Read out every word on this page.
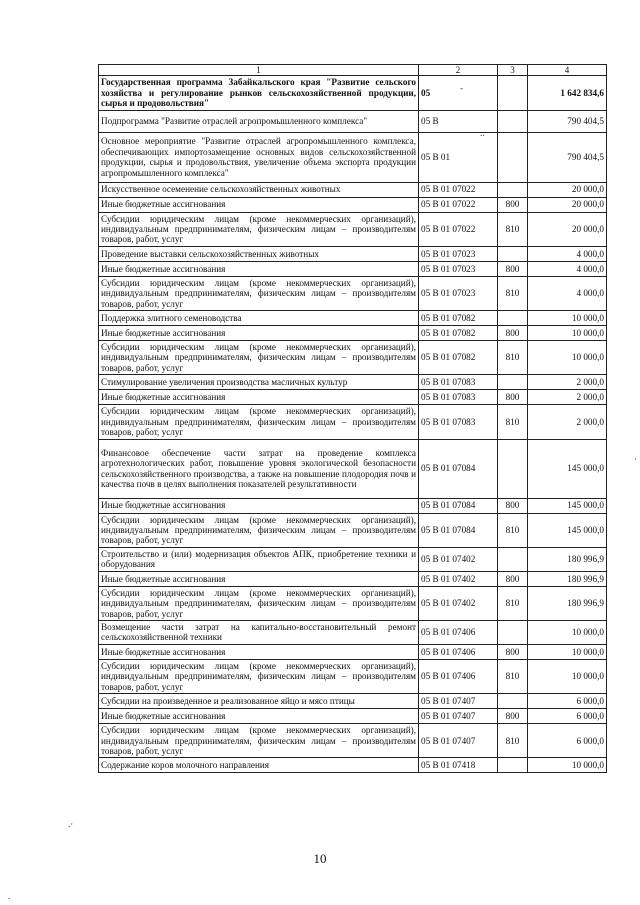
1	2	3	4
Государственная программа Забайкальского края "Развитие сельского хозяйства и регулирование рынков сельскохозяйственной продукции, сырья и продовольствия"	05		1 642 834,6
Подпрограмма "Развитие отраслей агропромышленного комплекса"	05 В		790 404,5
Основное мероприятие "Развитие отраслей агропромышленного комплекса, обеспечивающих импортозамещение основных видов сельскохозяйственной продукции, сырья и продовольствия, увеличение объема экспорта продукции агропромышленного комплекса"	05 В 01		790 404,5
Искусственное осеменение сельскохозяйственных животных	05 В 01 07022		20 000,0
Иные бюджетные ассигнования	05 В 01 07022	800	20 000,0
Субсидии юридическим лицам (кроме некоммерческих организаций), индивидуальным предпринимателям, физическим лицам – производителям товаров, работ, услуг	05 В 01 07022	810	20 000,0
Проведение выставки сельскохозяйственных животных	05 В 01 07023		4 000,0
Иные бюджетные ассигнования	05 В 01 07023	800	4 000,0
Субсидии юридическим лицам (кроме некоммерческих организаций), индивидуальным предпринимателям, физическим лицам – производителям товаров, работ, услуг	05 В 01 07023	810	4 000,0
Поддержка элитного семеноводства	05 В 01 07082		10 000,0
Иные бюджетные ассигнования	05 В 01 07082	800	10 000,0
Субсидии юридическим лицам (кроме некоммерческих организаций), индивидуальным предпринимателям, физическим лицам – производителям товаров, работ, услуг	05 В 01 07082	810	10 000,0
Стимулирование увеличения производства масличных культур	05 В 01 07083		2 000,0
Иные бюджетные ассигнования	05 В 01 07083	800	2 000,0
Субсидии юридическим лицам (кроме некоммерческих организаций), индивидуальным предпринимателям, физическим лицам – производителям товаров, работ, услуг	05 В 01 07083	810	2 000,0
Финансовое обеспечение части затрат на проведение комплекса агротехнологических работ, повышение уровня экологической безопасности сельскохозяйственного производства, а также на повышение плодородия почв и качества почв в целях выполнения показателей результативности	05 В 01 07084		145 000,0
Иные бюджетные ассигнования	05 В 01 07084	800	145 000,0
Субсидии юридическим лицам (кроме некоммерческих организаций), индивидуальным предпринимателям, физическим лицам – производителям товаров, работ, услуг	05 В 01 07084	810	145 000,0
Строительство и (или) модернизация объектов АПК, приобретение техники и оборудования	05 В 01 07402		180 996,9
Иные бюджетные ассигнования	05 В 01 07402	800	180 996,9
Субсидии юридическим лицам (кроме некоммерческих организаций), индивидуальным предпринимателям, физическим лицам – производителям товаров, работ, услуг	05 В 01 07402	810	180 996,9
Возмещение части затрат на капитально-восстановительный ремонт сельскохозяйственной техники	05 В 01 07406		10 000,0
Иные бюджетные ассигнования	05 В 01 07406	800	10 000,0
Субсидии юридическим лицам (кроме некоммерческих организаций), индивидуальным предпринимателям, физическим лицам – производителям товаров, работ, услуг	05 В 01 07406	810	10 000,0
Субсидии на произведенное и реализованное яйцо и мясо птицы	05 В 01 07407		6 000,0
Иные бюджетные ассигнования	05 В 01 07407	800	6 000,0
Субсидии юридическим лицам (кроме некоммерческих организаций), индивидуальным предпринимателям, физическим лицам – производителям товаров, работ, услуг	05 В 01 07407	810	6 000,0
Содержание коров молочного направления	05 В 01 07418		10 000,0
10
-
..
·
.·
.
